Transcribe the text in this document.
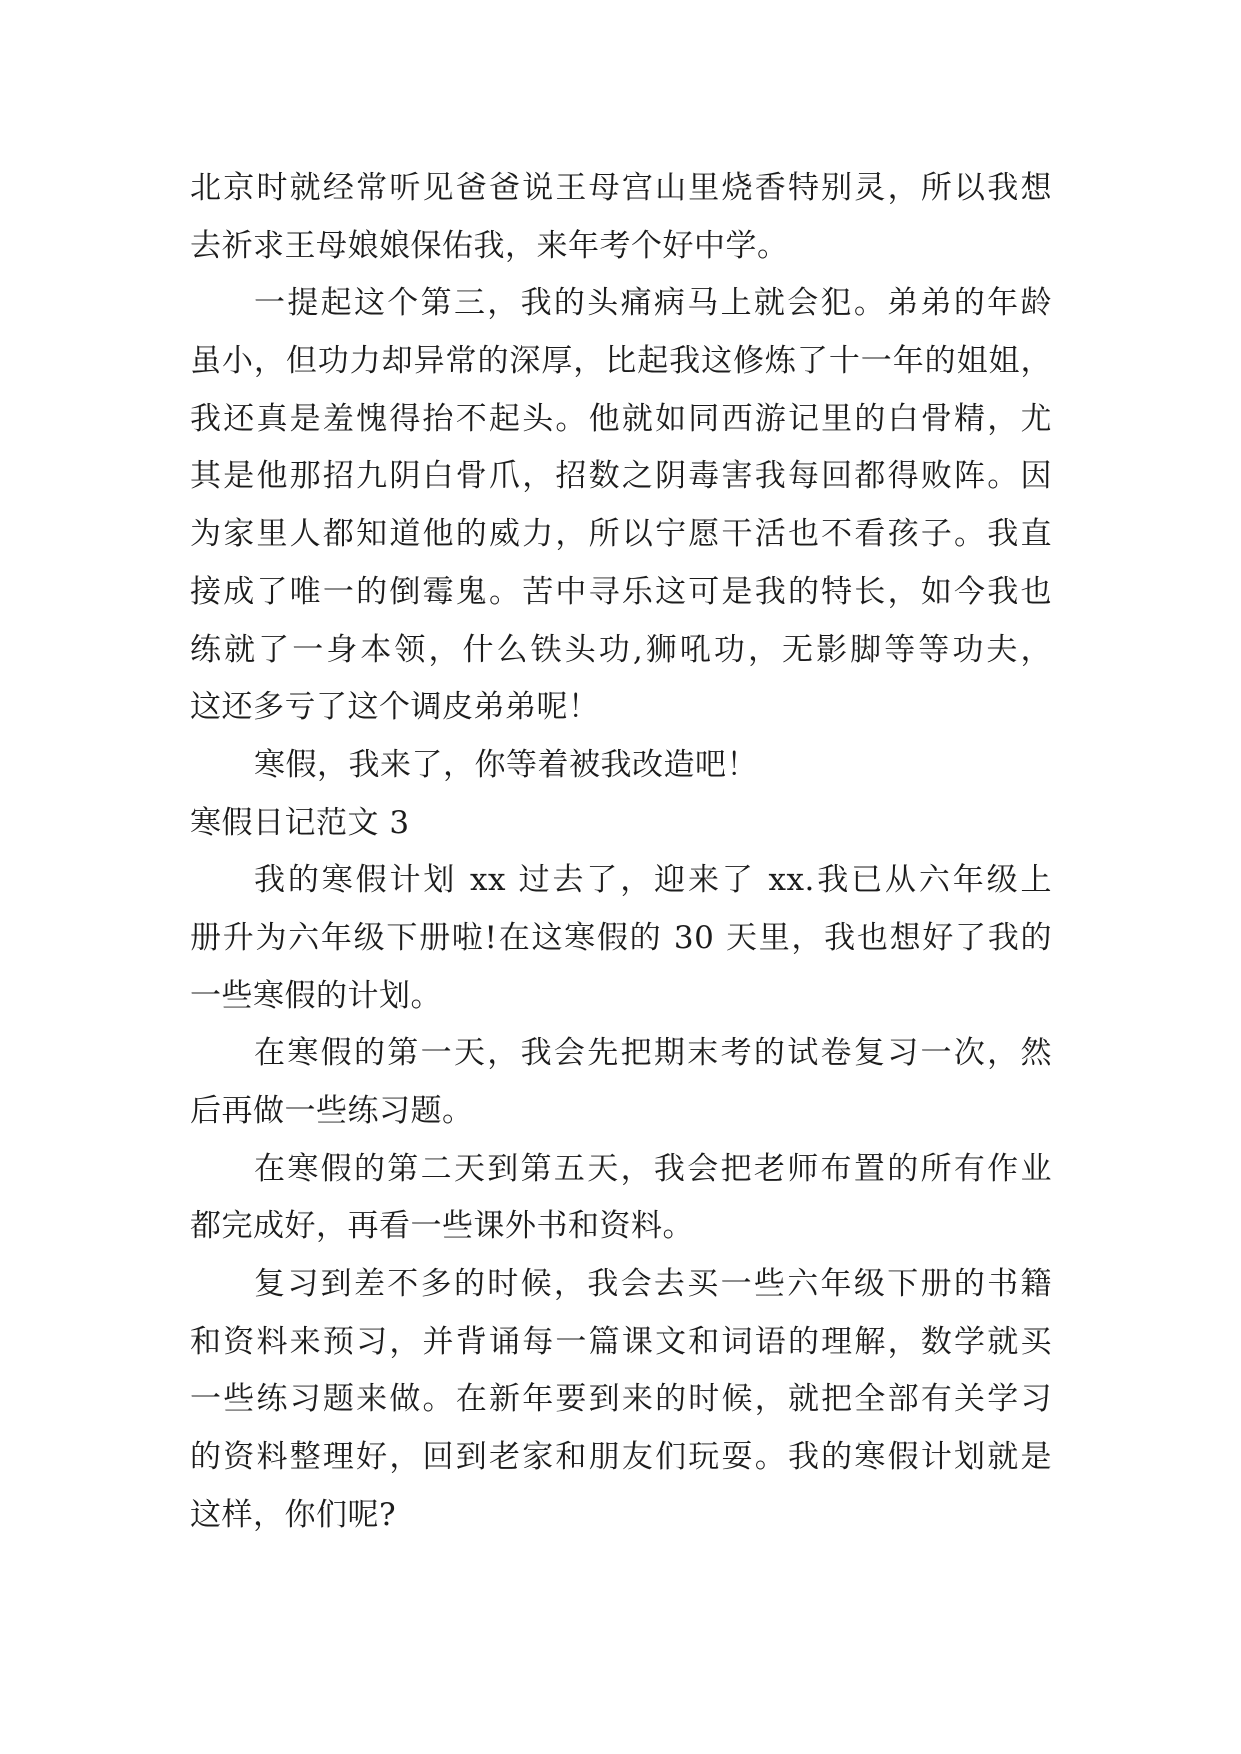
北京时就经常听见爸爸说王母宫山里烧香特别灵，所以我想
去祈求王母娘娘保佑我，来年考个好中学。
一提起这个第三，我的头痛病马上就会犯。弟弟的年龄
虽小，但功力却异常的深厚，比起我这修炼了十一年的姐姐，
我还真是羞愧得抬不起头。他就如同西游记里的白骨精，尤
其是他那招九阴白骨爪，招数之阴毒害我每回都得败阵。因
为家里人都知道他的威力，所以宁愿干活也不看孩子。我直
接成了唯一的倒霉鬼。苦中寻乐这可是我的特长，如今我也
练就了一身本领，什么铁头功,狮吼功，无影脚等等功夫，
这还多亏了这个调皮弟弟呢！
寒假，我来了，你等着被我改造吧！
寒假日记范文 3
我的寒假计划 xx 过去了，迎来了 xx.我已从六年级上
册升为六年级下册啦!在这寒假的 30 天里，我也想好了我的
一些寒假的计划。
在寒假的第一天，我会先把期末考的试卷复习一次，然
后再做一些练习题。
在寒假的第二天到第五天，我会把老师布置的所有作业
都完成好，再看一些课外书和资料。
复习到差不多的时候，我会去买一些六年级下册的书籍
和资料来预习，并背诵每一篇课文和词语的理解，数学就买
一些练习题来做。在新年要到来的时候，就把全部有关学习
的资料整理好，回到老家和朋友们玩耍。我的寒假计划就是
这样，你们呢?
